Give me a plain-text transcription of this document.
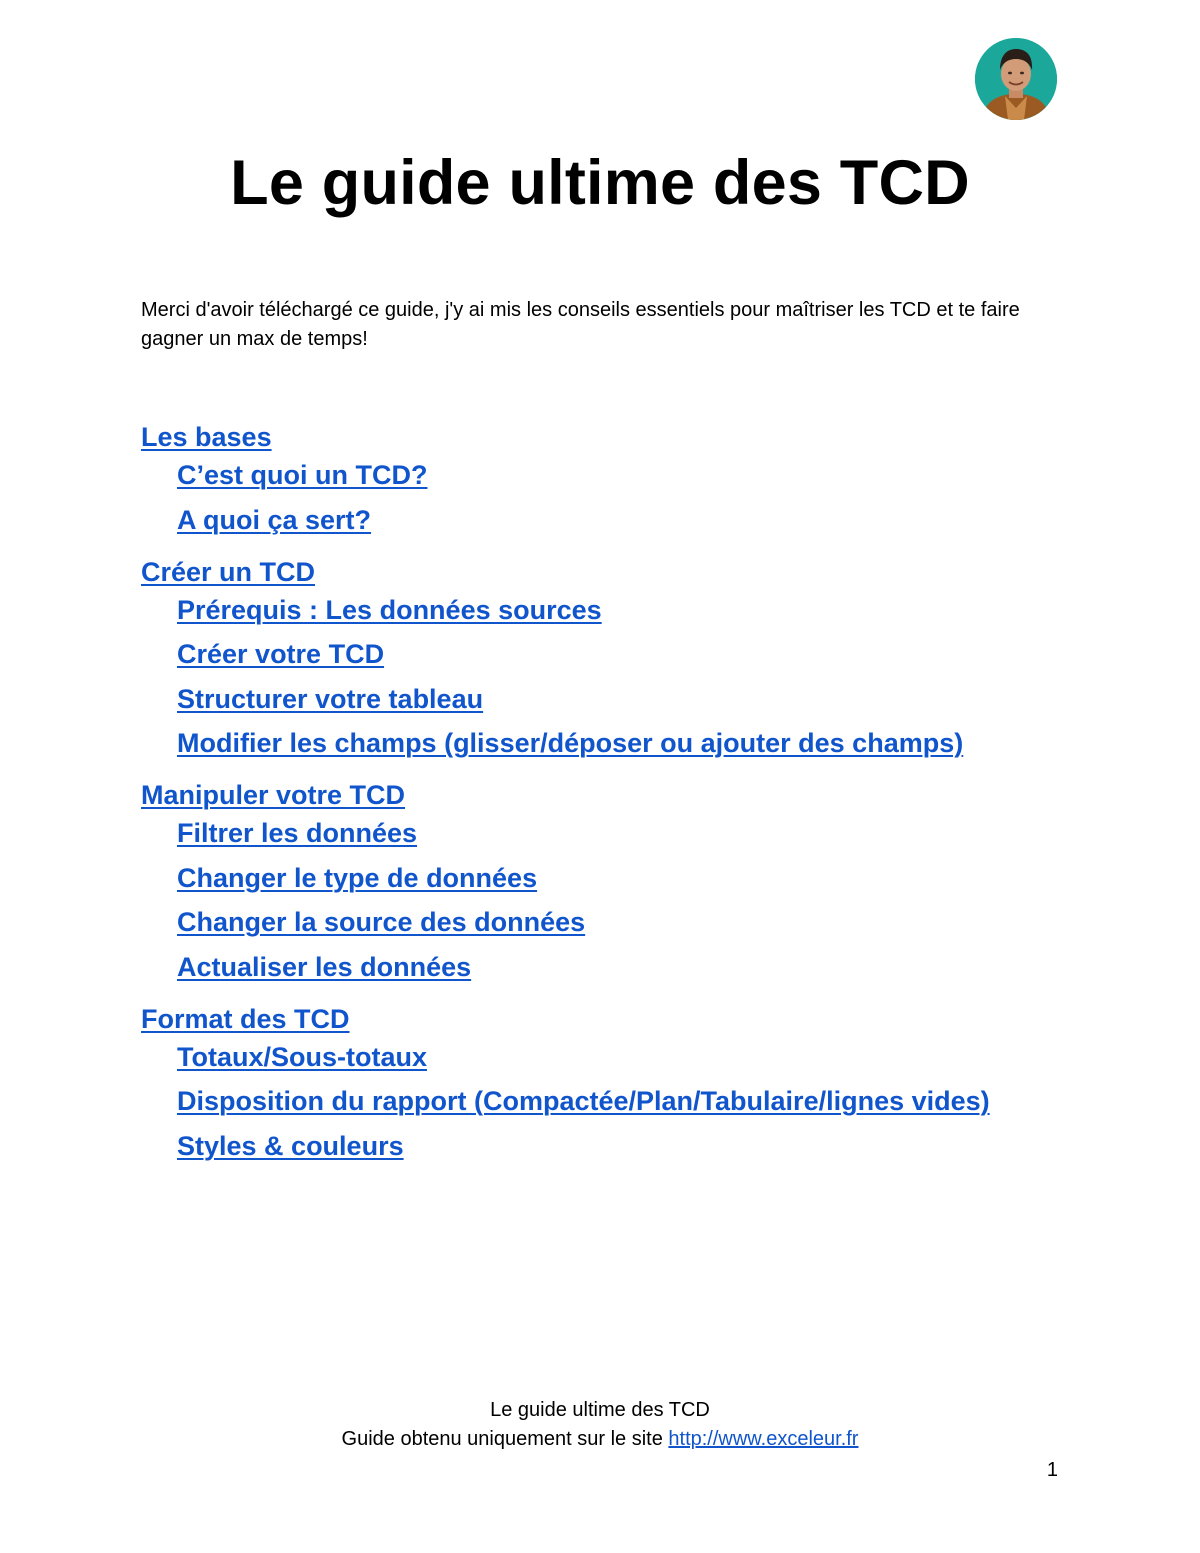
Le guide ultime des TCD

Merci d'avoir téléchargé ce guide, j'y ai mis les conseils essentiels pour maîtriser les TCD et te faire gagner un max de temps!

Les bases
C’est quoi un TCD?
A quoi ça sert?
Créer un TCD
Prérequis : Les données sources
Créer votre TCD
Structurer votre tableau
Modifier les champs (glisser/déposer ou ajouter des champs)
Manipuler votre TCD
Filtrer les données
Changer le type de données
Changer la source des données
Actualiser les données
Format des TCD
Totaux/Sous-totaux
Disposition du rapport (Compactée/Plan/Tabulaire/lignes vides)
Styles & couleurs
Le guide ultime des TCD
Guide obtenu uniquement sur le site http://www.exceleur.fr
1
